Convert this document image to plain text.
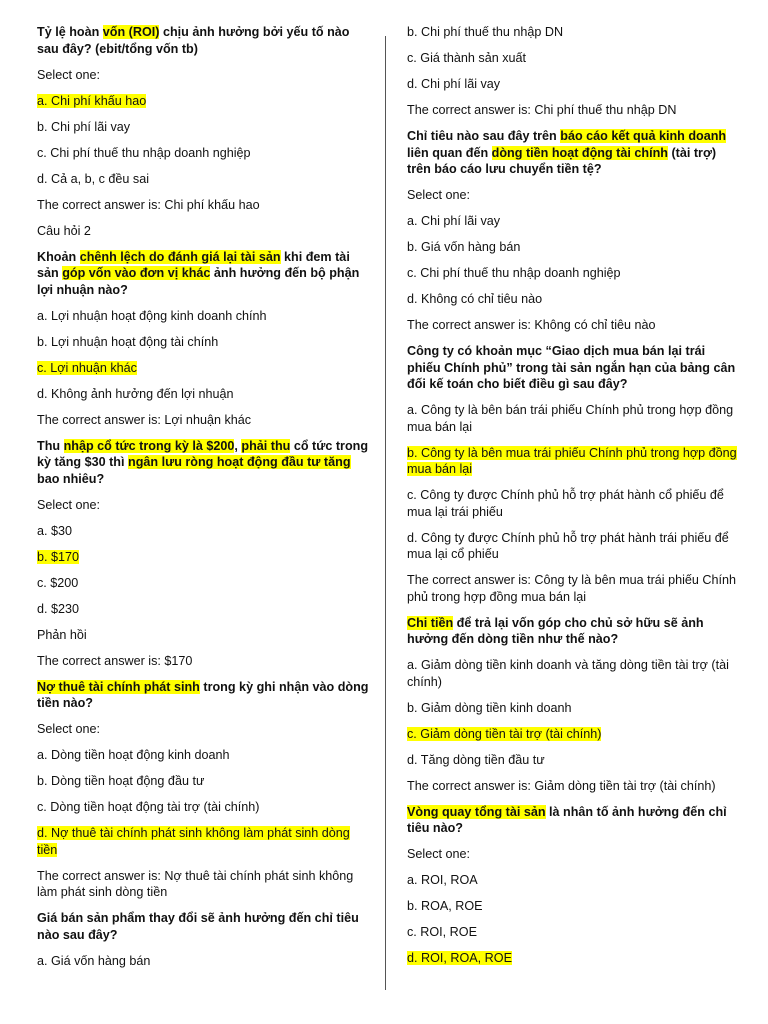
Tỷ lệ hoàn vốn (ROI) chịu ảnh hưởng bởi yếu tố nào sau đây? (ebit/tổng vốn tb)
Select one:
a. Chi phí khấu hao
b. Chi phí lãi vay
c. Chi phí thuế thu nhập doanh nghiệp
d. Cả a, b, c đều sai
The correct answer is: Chi phí khấu hao
Câu hỏi 2
Khoản chênh lệch do đánh giá lại tài sản khi đem tài sản góp vốn vào đơn vị khác ảnh hưởng đến bộ phận lợi nhuận nào?
a. Lợi nhuận hoạt động kinh doanh chính
b. Lợi nhuận hoạt động tài chính
c. Lợi nhuận khác
d. Không ảnh hưởng đến lợi nhuận
The correct answer is: Lợi nhuận khác
Thu nhập cổ tức trong kỳ là $200, phải thu cổ tức trong kỳ tăng $30 thì ngân lưu ròng hoạt động đầu tư tăng bao nhiêu?
Select one:
a. $30
b. $170
c. $200
d. $230
Phản hồi
The correct answer is: $170
Nợ thuê tài chính phát sinh trong kỳ ghi nhận vào dòng tiền nào?
Select one:
a. Dòng tiền hoạt động kinh doanh
b. Dòng tiền hoạt động đầu tư
c. Dòng tiền hoạt động tài trợ (tài chính)
d. Nợ thuê tài chính phát sinh không làm phát sinh dòng tiền
The correct answer is: Nợ thuê tài chính phát sinh không làm phát sinh dòng tiền
Giá bán sản phẩm thay đổi sẽ ảnh hưởng đến chỉ tiêu nào sau đây?
a. Giá vốn hàng bán
b. Chi phí thuế thu nhập DN
c. Giá thành sản xuất
d. Chi phí lãi vay
The correct answer is: Chi phí thuế thu nhập DN
Chỉ tiêu nào sau đây trên báo cáo kết quả kinh doanh liên quan đến dòng tiền hoạt động tài chính (tài trợ) trên báo cáo lưu chuyển tiền tệ?
Select one:
a. Chi phí lãi vay
b. Giá vốn hàng bán
c. Chi phí thuế thu nhập doanh nghiệp
d. Không có chỉ tiêu nào
The correct answer is: Không có chỉ tiêu nào
Công ty có khoản mục “Giao dịch mua bán lại trái phiếu Chính phủ” trong tài sản ngắn hạn của bảng cân đối kế toán cho biết điều gì sau đây?
a. Công ty là bên bán trái phiếu Chính phủ trong hợp đồng mua bán lại
b. Công ty là bên mua trái phiếu Chính phủ trong hợp đồng mua bán lại
c. Công ty được Chính phủ hỗ trợ phát hành cổ phiếu để mua lại trái phiếu
d. Công ty được Chính phủ hỗ trợ phát hành trái phiếu để mua lại cổ phiếu
The correct answer is: Công ty là bên mua trái phiếu Chính phủ trong hợp đồng mua bán lại
Chi tiền để trả lại vốn góp cho chủ sở hữu sẽ ảnh hưởng đến dòng tiền như thế nào?
a. Giảm dòng tiền kinh doanh và tăng dòng tiền tài trợ (tài chính)
b. Giảm dòng tiền kinh doanh
c. Giảm dòng tiền tài trợ (tài chính)
d. Tăng dòng tiền đầu tư
The correct answer is: Giảm dòng tiền tài trợ (tài chính)
Vòng quay tổng tài sản là nhân tố ảnh hưởng đến chỉ tiêu nào?
Select one:
a. ROI, ROA
b. ROA, ROE
c. ROI, ROE
d. ROI, ROA, ROE
